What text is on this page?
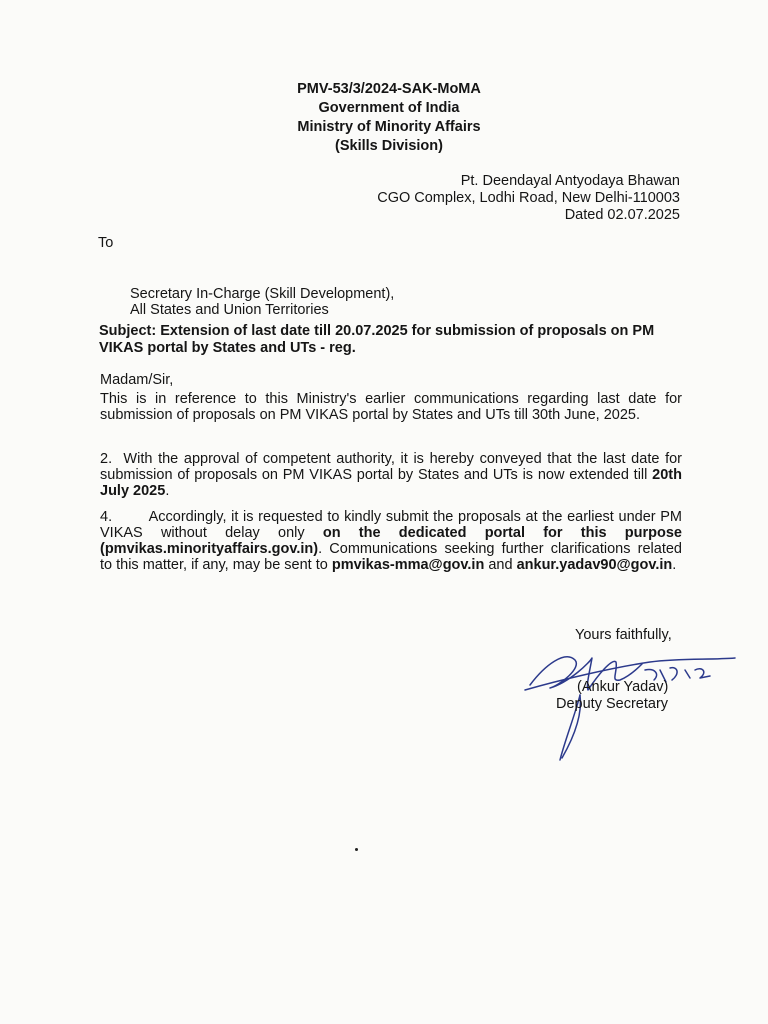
PMV-53/3/2024-SAK-MoMA
Government of India
Ministry of Minority Affairs
(Skills Division)
Pt. Deendayal Antyodaya Bhawan
CGO Complex, Lodhi Road, New Delhi-110003
Dated 02.07.2025
To
Secretary In-Charge (Skill Development),
All States and Union Territories
Subject: Extension of last date till 20.07.2025 for submission of proposals on PM VIKAS portal by States and UTs - reg.
Madam/Sir,
This is in reference to this Ministry's earlier communications regarding last date for submission of proposals on PM VIKAS portal by States and UTs till 30th June, 2025.
2. With the approval of competent authority, it is hereby conveyed that the last date for submission of proposals on PM VIKAS portal by States and UTs is now extended till 20th July 2025.
4.	Accordingly, it is requested to kindly submit the proposals at the earliest under PM VIKAS without delay only on the dedicated portal for this purpose (pmvikas.minorityaffairs.gov.in). Communications seeking further clarifications related to this matter, if any, may be sent to pmvikas-mma@gov.in and ankur.yadav90@gov.in.
Yours faithfully,
(Ankur Yadav)
Deputy Secretary
